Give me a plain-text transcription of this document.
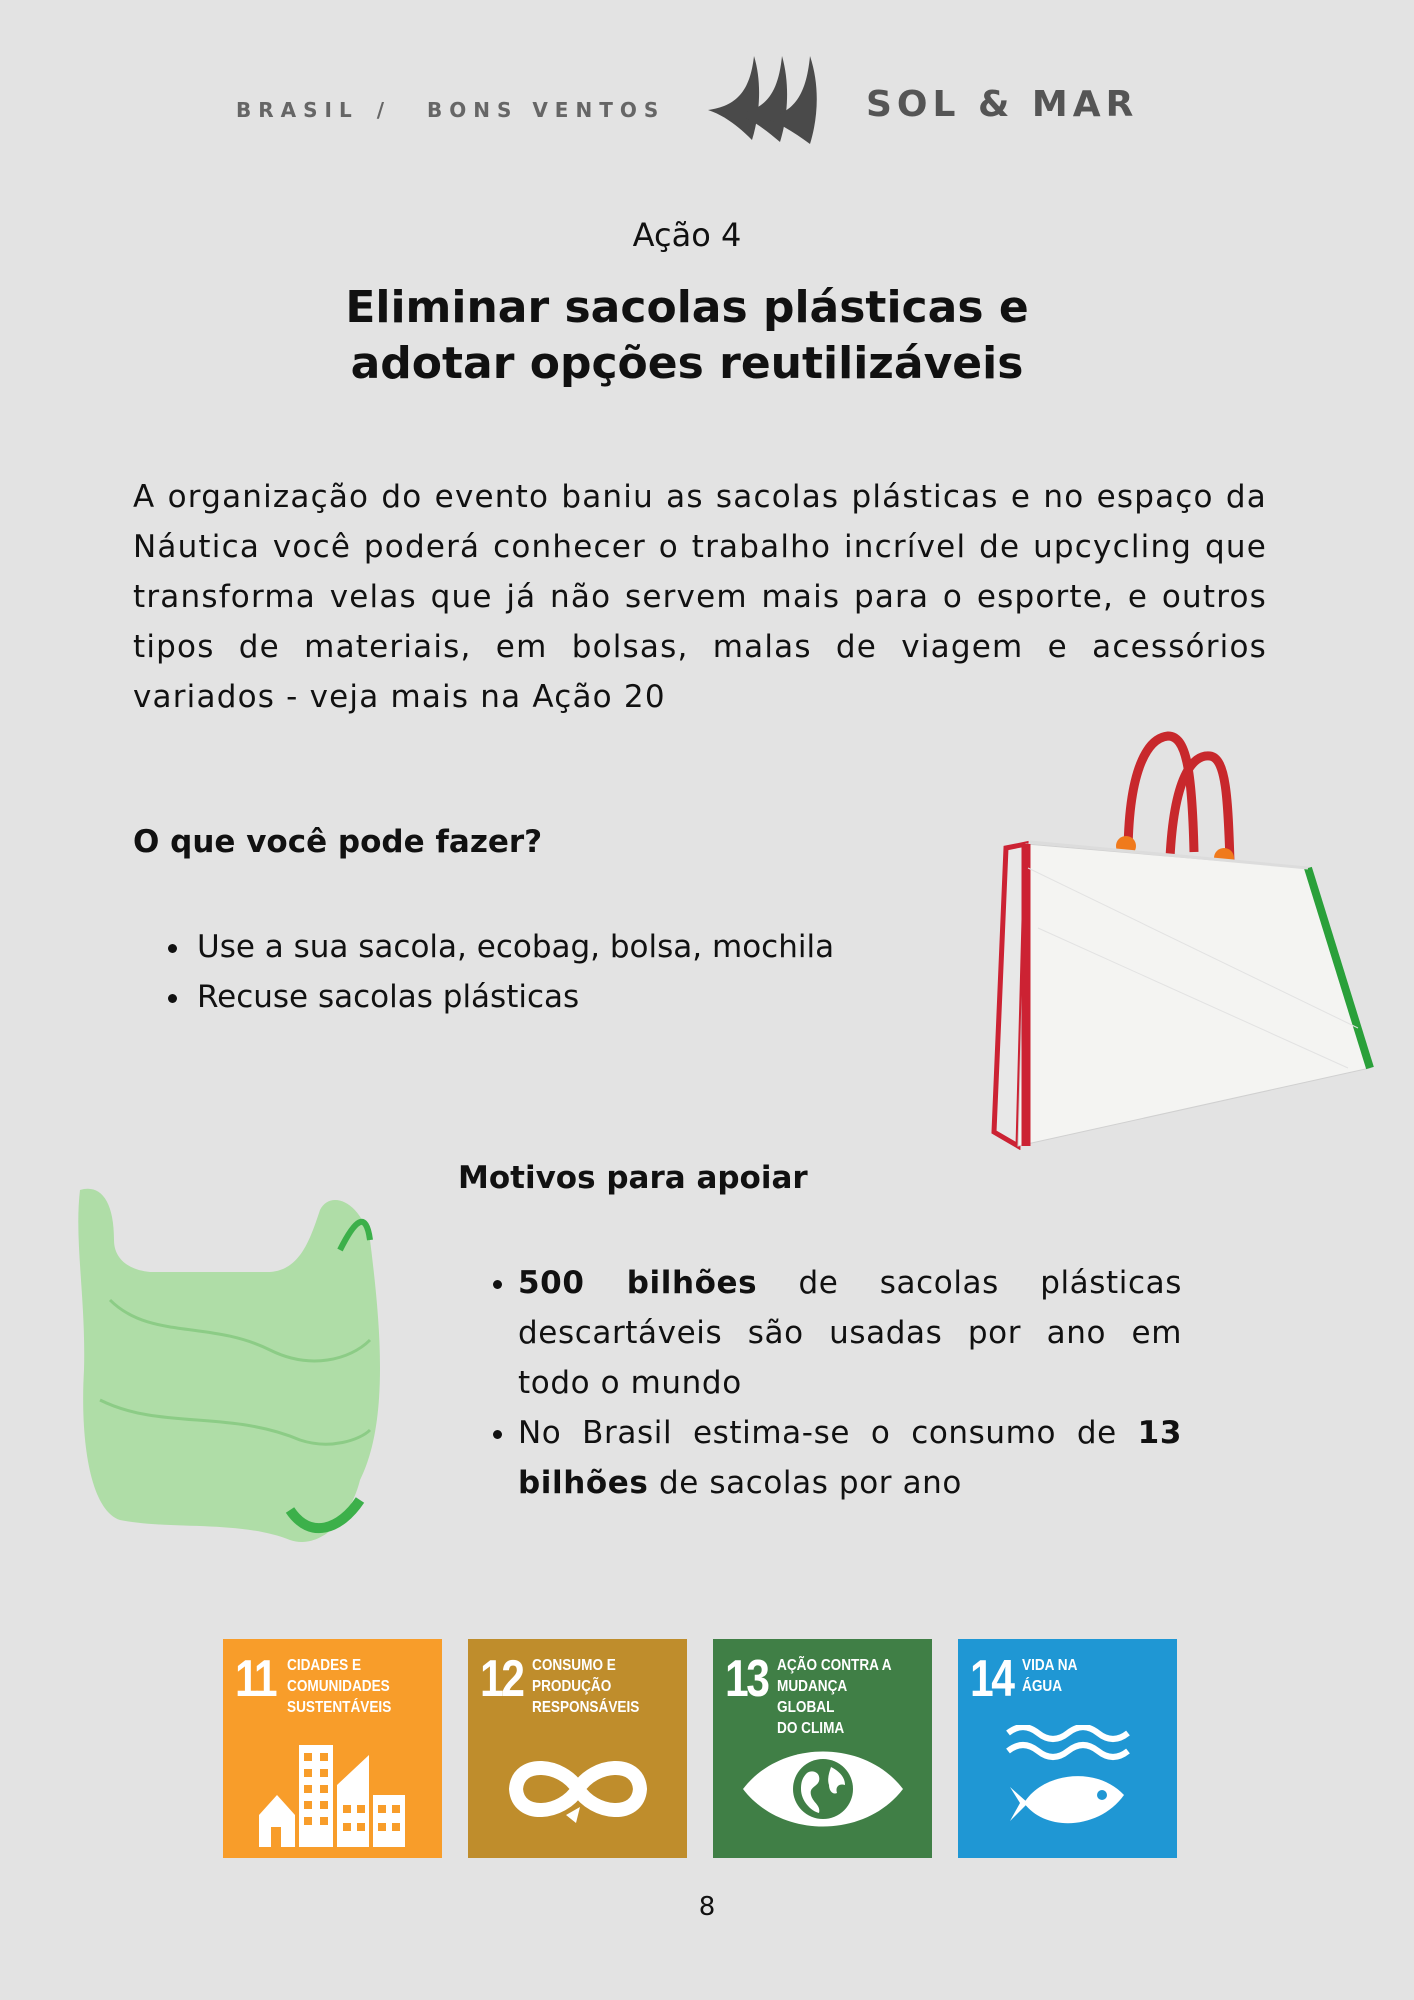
BRASIL / BONS VENTOS	SOL & MAR
Ação 4
Eliminar sacolas plásticas e
adotar opções reutilizáveis
A organização do evento baniu as sacolas plásticas e no espaço da Náutica você poderá conhecer o trabalho incrível de upcycling que transforma velas que já não servem mais para o esporte, e outros tipos de materiais, em bolsas, malas de viagem e acessórios variados - veja mais na Ação 20
O que você pode fazer?
• Use a sua sacola, ecobag, bolsa, mochila
• Recuse sacolas plásticas
Motivos para apoiar
• 500 bilhões de sacolas plásticas descartáveis são usadas por ano em todo o mundo
• No Brasil estima-se o consumo de 13 bilhões de sacolas por ano
11 CIDADES E
COMUNIDADES
SUSTENTÁVEIS	12 CONSUMO E
PRODUÇÃO
RESPONSÁVEIS	13 AÇÃO CONTRA A
MUDANÇA GLOBAL
DO CLIMA
14 VIDA NA
ÁGUA
8
